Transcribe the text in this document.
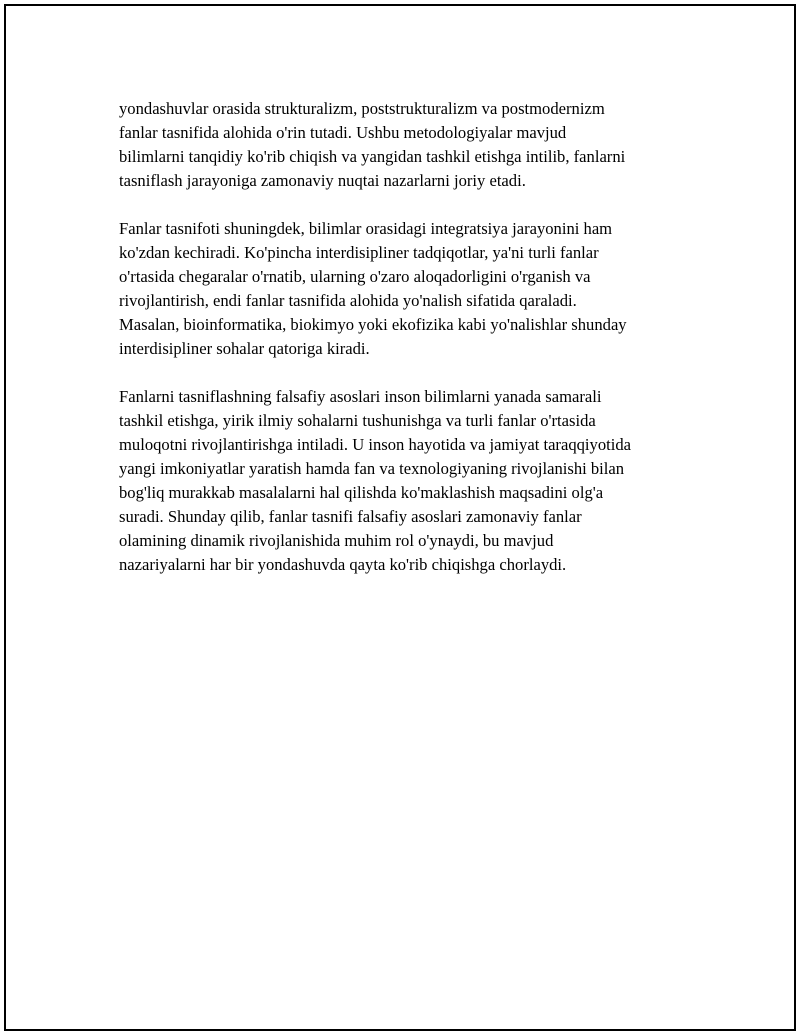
yondashuvlar orasida strukturalizm, poststrukturalizm va postmodernizm
fanlar tasnifida alohida o'rin tutadi. Ushbu metodologiyalar mavjud
bilimlarni tanqidiy ko'rib chiqish va yangidan tashkil etishga intilib, fanlarni
tasniflash jarayoniga zamonaviy nuqtai nazarlarni joriy etadi.

Fanlar tasnifoti shuningdek, bilimlar orasidagi integratsiya jarayonini ham
ko'zdan kechiradi. Ko'pincha interdisipliner tadqiqotlar, ya'ni turli fanlar
o'rtasida chegaralar o'rnatib, ularning o'zaro aloqadorligini o'rganish va
rivojlantirish, endi fanlar tasnifida alohida yo'nalish sifatida qaraladi.
Masalan, bioinformatika, biokimyo yoki ekofizika kabi yo'nalishlar shunday
interdisipliner sohalar qatoriga kiradi.

Fanlarni tasniflashning falsafiy asoslari inson bilimlarni yanada samarali
tashkil etishga, yirik ilmiy sohalarni tushunishga va turli fanlar o'rtasida
muloqotni rivojlantirishga intiladi. U inson hayotida va jamiyat taraqqiyotida
yangi imkoniyatlar yaratish hamda fan va texnologiyaning rivojlanishi bilan
bog'liq murakkab masalalarni hal qilishda ko'maklashish maqsadini olg'a
suradi. Shunday qilib, fanlar tasnifi falsafiy asoslari zamonaviy fanlar
olamining dinamik rivojlanishida muhim rol o'ynaydi, bu mavjud
nazariyalarni har bir yondashuvda qayta ko'rib chiqishga chorlaydi.
